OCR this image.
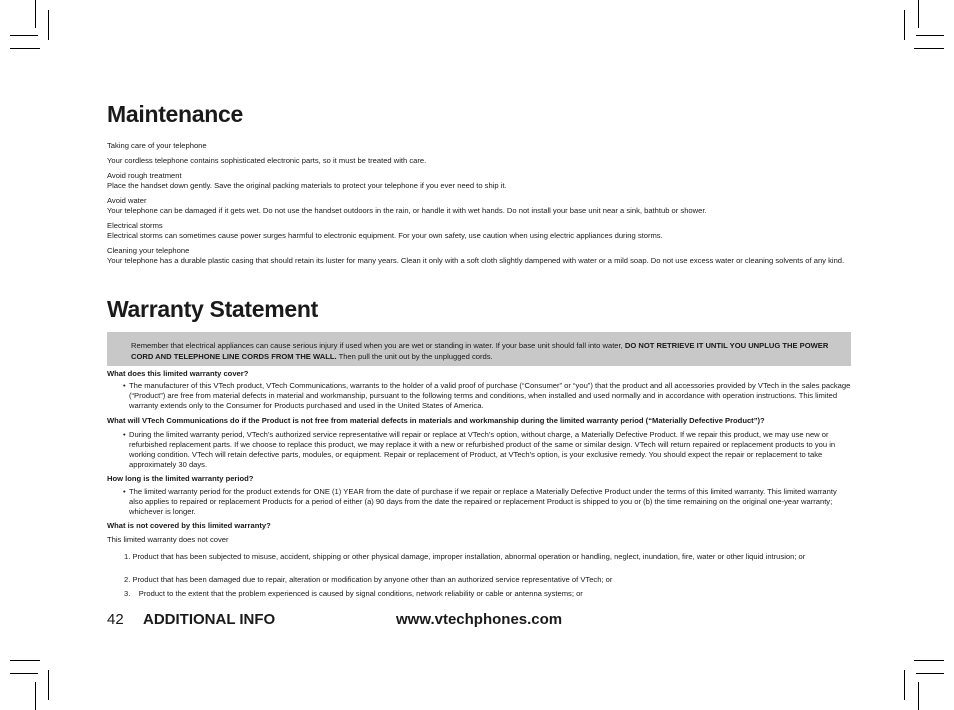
Maintenance

Taking care of your telephone

Your cordless telephone contains sophisticated electronic parts, so it must be treated with care.

Avoid rough treatment
Place the handset down gently. Save the original packing materials to protect your telephone if you ever need to ship it.
Avoid water
Your telephone can be damaged if it gets wet. Do not use the handset outdoors in the rain, or handle it with wet hands. Do not install your base unit near a sink, bathtub or shower.
Electrical storms
Electrical storms can sometimes cause power surges harmful to electronic equipment. For your own safety, use caution when using electric appliances during storms.
Cleaning your telephone
Your telephone has a durable plastic casing that should retain its luster for many years. Clean it only with a soft cloth slightly dampened with water or a mild soap. Do not use excess water or cleaning solvents of any kind.
Warranty Statement

Remember that electrical appliances can cause serious injury if used when you are wet or standing in water. If your base unit should fall into water, DO NOT RETRIEVE IT UNTIL YOU UNPLUG THE POWER CORD AND TELEPHONE LINE CORDS FROM THE WALL. Then pull the unit out by the unplugged cords.

What does this limited warranty cover?

• The manufacturer of this VTech product, VTech Communications, warrants to the holder of a valid proof of purchase (“Consumer” or “you”) that the product and all accessories provided by VTech in the sales package (“Product”) are free from material defects in material and workmanship, pursuant to the following terms and conditions, when installed and used normally and in accordance with operation instructions. This limited warranty extends only to the Consumer for Products purchased and used in the United States of America.

What will VTech Communications do if the Product is not free from material defects in materials and workmanship during the limited warranty period (“Materially Defective Product”)?

• During the limited warranty period, VTech’s authorized service representative will repair or replace at VTech’s option, without charge, a Materially Defective Product. If we repair this product, we may use new or refurbished replacement parts. If we choose to replace this product, we may replace it with a new or refurbished product of the same or similar design. VTech will return repaired or replacement products to you in working condition. VTech will retain defective parts, modules, or equipment. Repair or replacement of Product, at VTech’s option, is your exclusive remedy. You should expect the repair or replacement to take approximately 30 days.

How long is the limited warranty period?

• The limited warranty period for the product extends for ONE (1) YEAR from the date of purchase if we repair or replace a Materially Defective Product under the terms of this limited warranty. This limited warranty also applies to repaired or replacement Products for a period of either (a) 90 days from the date the repaired or replacement Product is shipped to you or (b) the time remaining on the original one-year warranty; whichever is longer.

What is not covered by this limited warranty?

This limited warranty does not cover

1. Product that has been subjected to misuse, accident, shipping or other physical damage, improper installation, abnormal operation or handling, neglect, inundation, fire, water or other liquid intrusion; or

2. Product that has been damaged due to repair, alteration or modification by anyone other than an authorized service representative of VTech; or

3.    Product to the extent that the problem experienced is caused by signal conditions, network reliability or cable or antenna systems; or

42 ADDITIONAL INFO	www.vtechphones.com
